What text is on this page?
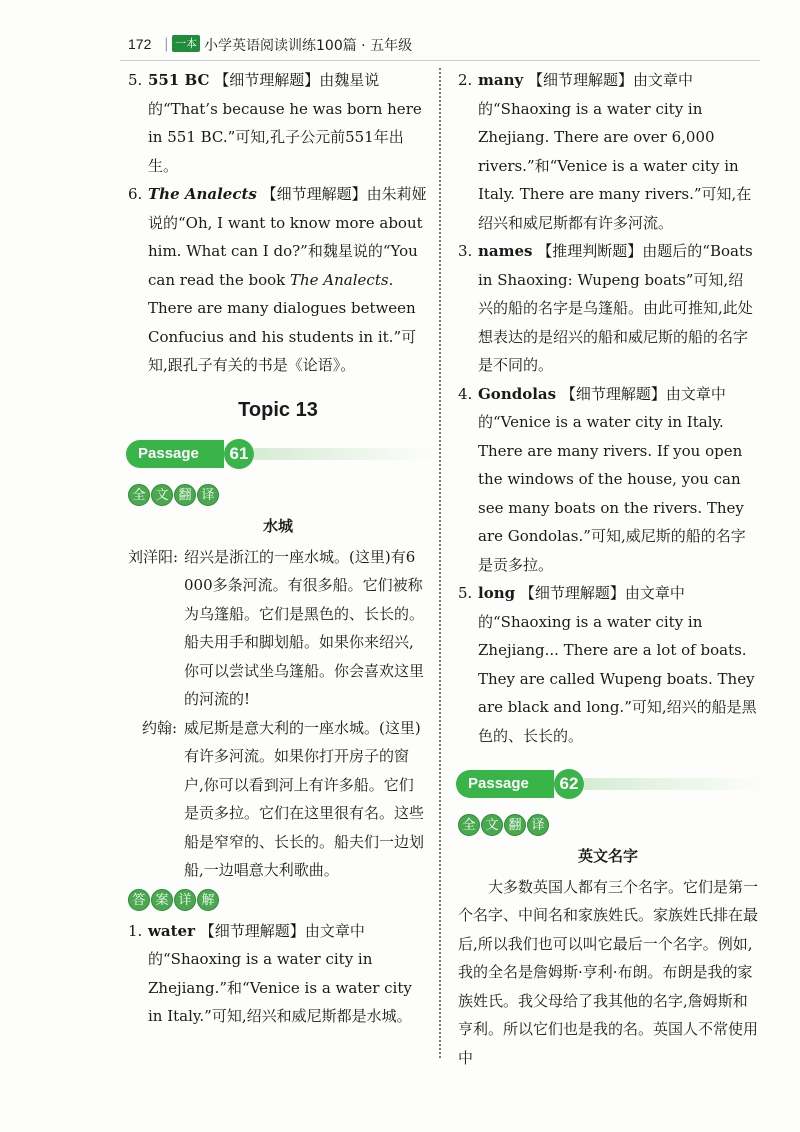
172 | 一本 小学英语阅读训练100篇 · 五年级
5. 551 BC 【细节理解题】由魏星说的“That’s because he was born here in 551 BC.”可知,孔子公元前551年出生。
6. The Analects 【细节理解题】由朱莉娅说的“Oh, I want to know more about him. What can I do?”和魏星说的“You can read the book The Analects. There are many dialogues between Confucius and his students in it.”可知,跟孔子有关的书是《论语》。
Topic 13
Passage	61
全 文 翻 译
水城
刘洋阳: 绍兴是浙江的一座水城。(这里)有6 000多条河流。有很多船。它们被称为乌篷船。它们是黑色的、长长的。船夫用手和脚划船。如果你来绍兴,你可以尝试坐乌篷船。你会喜欢这里的河流的!
约翰: 威尼斯是意大利的一座水城。(这里)有许多河流。如果你打开房子的窗户,你可以看到河上有许多船。它们是贡多拉。它们在这里很有名。这些船是窄窄的、长长的。船夫们一边划船,一边唱意大利歌曲。
答 案 详 解
1. water 【细节理解题】由文章中的“Shaoxing is a water city in Zhejiang.”和“Venice is a water city in Italy.”可知,绍兴和威尼斯都是水城。
2. many 【细节理解题】由文章中的“Shaoxing is a water city in Zhejiang. There are over 6,000 rivers.”和“Venice is a water city in Italy. There are many rivers.”可知,在绍兴和威尼斯都有许多河流。
3. names 【推理判断题】由题后的“Boats in Shaoxing: Wupeng boats”可知,绍兴的船的名字是乌篷船。由此可推知,此处想表达的是绍兴的船和威尼斯的船的名字是不同的。
4. Gondolas 【细节理解题】由文章中的“Venice is a water city in Italy. There are many rivers. If you open the windows of the house, you can see many boats on the rivers. They are Gondolas.”可知,威尼斯的船的名字是贡多拉。
5. long 【细节理解题】由文章中的“Shaoxing is a water city in Zhejiang... There are a lot of boats. They are called Wupeng boats. They are black and long.”可知,绍兴的船是黑色的、长长的。
Passage	62
全 文 翻 译
英文名字
大多数英国人都有三个名字。它们是第一个名字、中间名和家族姓氏。家族姓氏排在最后,所以我们也可以叫它最后一个名字。例如,我的全名是詹姆斯·亨利·布朗。布朗是我的家族姓氏。我父母给了我其他的名字,詹姆斯和亨利。所以它们也是我的名。英国人不常使用中
